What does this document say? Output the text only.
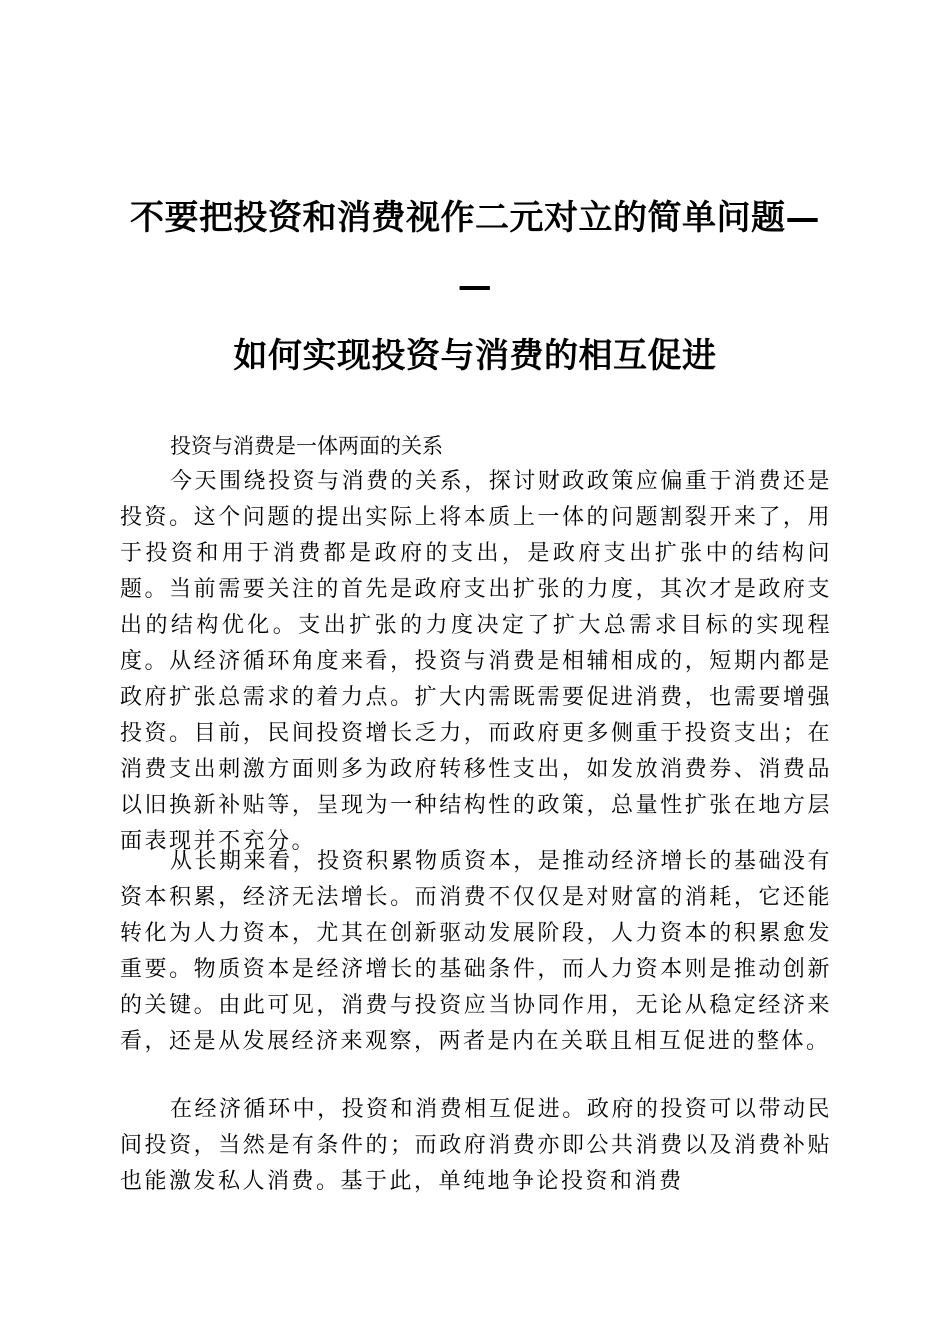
不要把投资和消费视作二元对立的简单问题—
—
如何实现投资与消费的相互促进
投资与消费是一体两面的关系

今天围绕投资与消费的关系，探讨财政政策应偏重于消费还是投资。这个问题的提出实际上将本质上一体的问题割裂开来了，用于投资和用于消费都是政府的支出，是政府支出扩张中的结构问题。当前需要关注的首先是政府支出扩张的力度，其次才是政府支出的结构优化。支出扩张的力度决定了扩大总需求目标的实现程度。从经济循环角度来看，投资与消费是相辅相成的，短期内都是政府扩张总需求的着力点。扩大内需既需要促进消费，也需要增强投资。目前，民间投资增长乏力，而政府更多侧重于投资支出；在消费支出刺激方面则多为政府转移性支出，如发放消费券、消费品以旧换新补贴等，呈现为一种结构性的政策，总量性扩张在地方层面表现并不充分。

从长期来看，投资积累物质资本，是推动经济增长的基础没有资本积累，经济无法增长。而消费不仅仅是对财富的消耗，它还能转化为人力资本，尤其在创新驱动发展阶段，人力资本的积累愈发重要。物质资本是经济增长的基础条件，而人力资本则是推动创新的关键。由此可见，消费与投资应当协同作用，无论从稳定经济来看，还是从发展经济来观察，两者是内在关联且相互促进的整体。

在经济循环中，投资和消费相互促进。政府的投资可以带动民间投资，当然是有条件的；而政府消费亦即公共消费以及消费补贴也能激发私人消费。基于此，单纯地争论投资和消费
